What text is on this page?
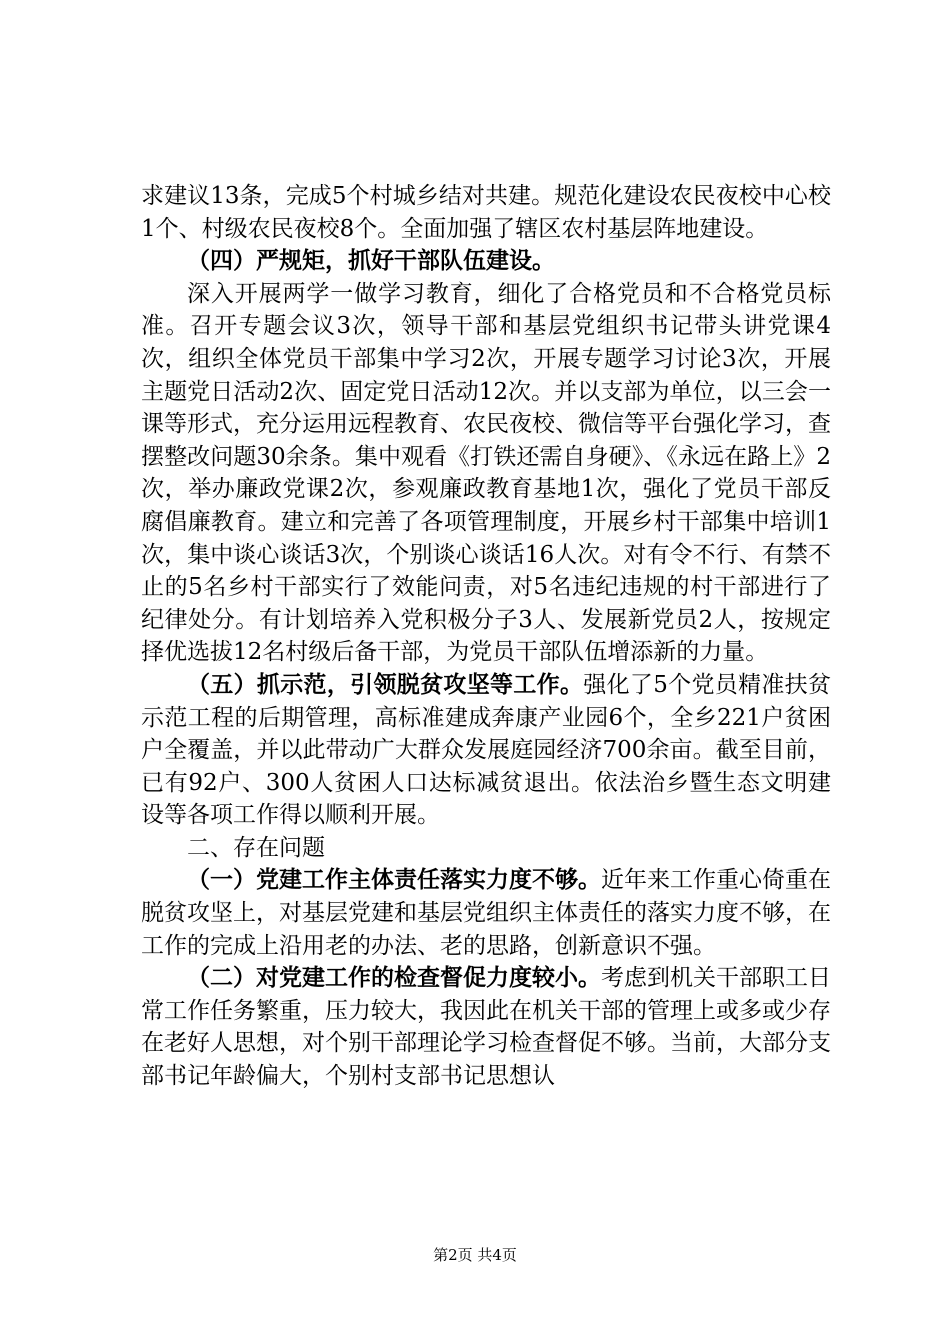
求建议13条，完成5个村城乡结对共建。规范化建设农民夜校中心校1个、村级农民夜校8个。全面加强了辖区农村基层阵地建设。

（四）严规矩，抓好干部队伍建设。

深入开展两学一做学习教育，细化了合格党员和不合格党员标准。召开专题会议3次，领导干部和基层党组织书记带头讲党课4次，组织全体党员干部集中学习2次，开展专题学习讨论3次，开展主题党日活动2次、固定党日活动12次。并以支部为单位，以三会一课等形式，充分运用远程教育、农民夜校、微信等平台强化学习，查摆整改问题30余条。集中观看《打铁还需自身硬》、《永远在路上》2次，举办廉政党课2次，参观廉政教育基地1次，强化了党员干部反腐倡廉教育。建立和完善了各项管理制度，开展乡村干部集中培训1次，集中谈心谈话3次，个别谈心谈话16人次。对有令不行、有禁不止的5名乡村干部实行了效能问责，对5名违纪违规的村干部进行了纪律处分。有计划培养入党积极分子3人、发展新党员2人，按规定择优选拔12名村级后备干部，为党员干部队伍增添新的力量。

（五）抓示范，引领脱贫攻坚等工作。强化了5个党员精准扶贫示范工程的后期管理，高标准建成奔康产业园6个，全乡221户贫困户全覆盖，并以此带动广大群众发展庭园经济700余亩。截至目前，已有92户、300人贫困人口达标减贫退出。依法治乡暨生态文明建设等各项工作得以顺利开展。

二、存在问题

（一）党建工作主体责任落实力度不够。近年来工作重心倚重在脱贫攻坚上，对基层党建和基层党组织主体责任的落实力度不够，在工作的完成上沿用老的办法、老的思路，创新意识不强。

（二）对党建工作的检查督促力度较小。考虑到机关干部职工日常工作任务繁重，压力较大，我因此在机关干部的管理上或多或少存在老好人思想，对个别干部理论学习检查督促不够。当前，大部分支部书记年龄偏大，个别村支部书记思想认

第2页 共4页
